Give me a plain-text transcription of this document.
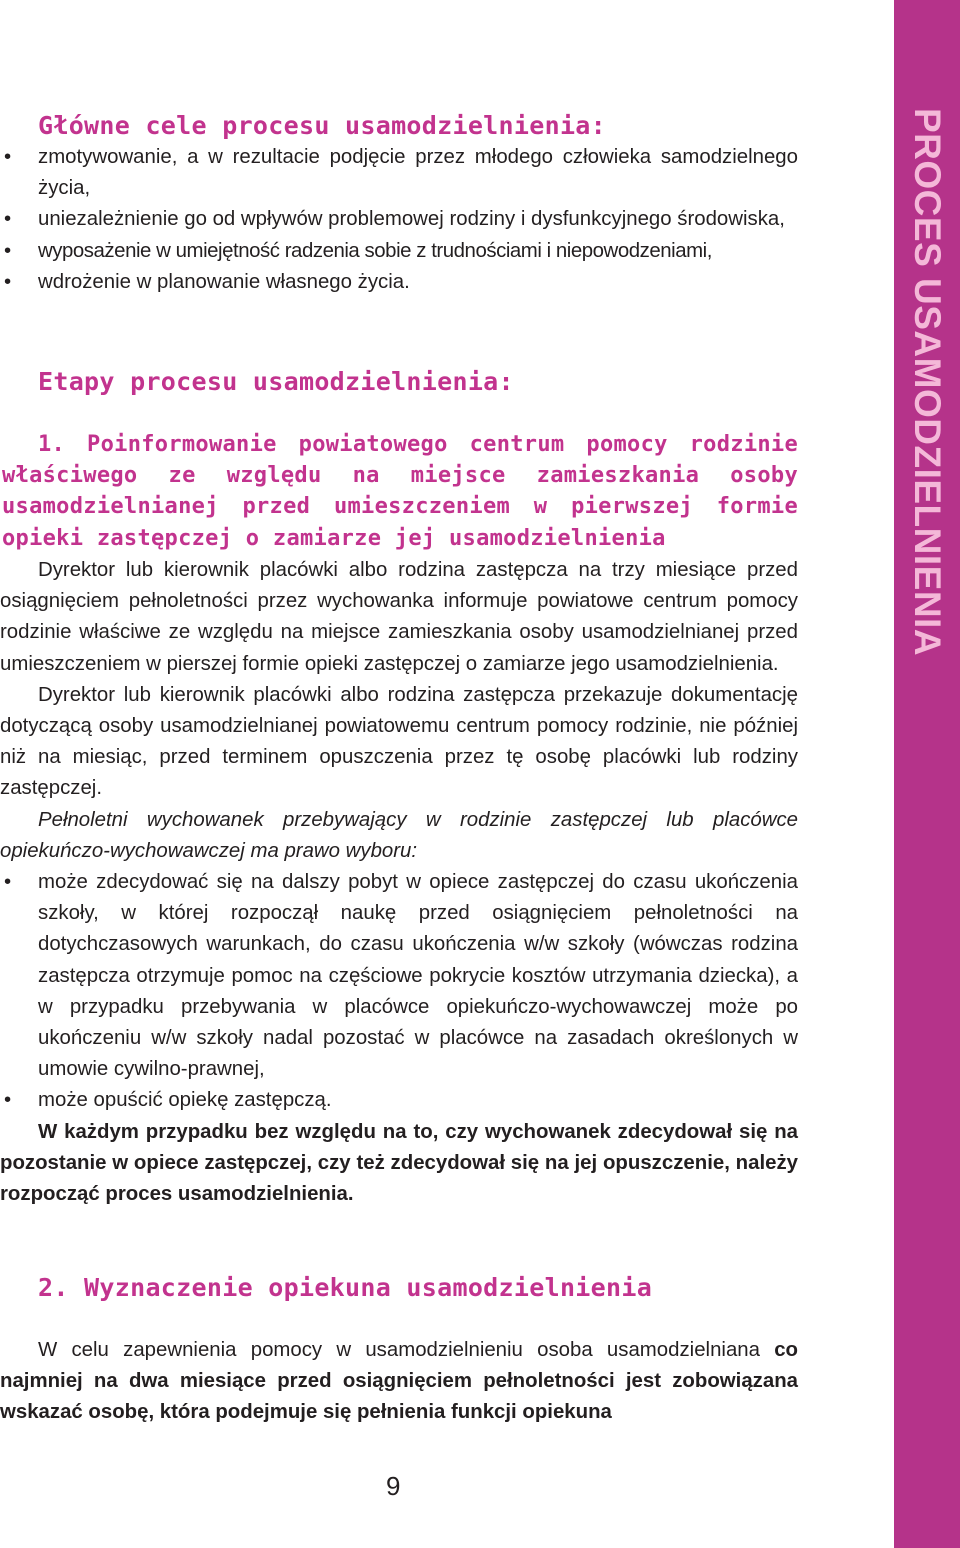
PROCES USAMODZIELNIENIA
Główne cele procesu usamodzielnienia:
• zmotywowanie, a w rezultacie podjęcie przez młodego człowieka samodzielnego życia,
• uniezależnienie go od wpływów problemowej rodziny i dysfunkcyjnego środowiska,
• wyposażenie w umiejętność radzenia sobie z trudnościami i niepowodzeniami,
• wdrożenie w planowanie własnego życia.
Etapy procesu usamodzielnienia:
1. Poinformowanie powiatowego centrum pomocy rodzinie właściwego ze względu na miejsce zamieszkania osoby usamodzielnianej przed umieszczeniem w pierwszej formie opieki zastępczej o zamiarze jej usamodzielnienia

Dyrektor lub kierownik placówki albo rodzina zastępcza na trzy miesiące przed osiągnięciem pełnoletności przez wychowanka informuje powiatowe centrum pomocy rodzinie właściwe ze względu na miejsce zamieszkania osoby usamodzielnianej przed umieszczeniem w pierszej formie opieki zastępczej o zamiarze jego usamodzielnienia.

Dyrektor lub kierownik placówki albo rodzina zastępcza przekazuje dokumentację dotyczącą osoby usamodzielnianej powiatowemu centrum pomocy rodzinie, nie później niż na miesiąc, przed terminem opuszczenia przez tę osobę placówki lub rodziny zastępczej.

Pełnoletni wychowanek przebywający w rodzinie zastępczej lub placówce opiekuńczo-wychowawczej ma prawo wyboru:

• może zdecydować się na dalszy pobyt w opiece zastępczej do czasu ukończenia szkoły, w której rozpoczął naukę przed osiągnięciem pełnoletności na dotychczasowych warunkach, do czasu ukończenia w/w szkoły (wówczas rodzina zastępcza otrzymuje pomoc na częściowe pokrycie kosztów utrzymania dziecka), a w przypadku przebywania w placówce opiekuńczo-wychowawczej może po ukończeniu w/w szkoły nadal pozostać w placówce na zasadach określonych w umowie cywilno-prawnej,
• może opuścić opiekę zastępczą.

W każdym przypadku bez względu na to, czy wychowanek zdecydował się na pozostanie w opiece zastępczej, czy też zdecydował się na jej opuszczenie, należy rozpocząć proces usamodzielnienia.

2. Wyznaczenie opiekuna usamodzielnienia

W celu zapewnienia pomocy w usamodzielnieniu osoba usamodzielniana co najmniej na dwa miesiące przed osiągnięciem pełnoletności jest zobowiązana wskazać osobę, która podejmuje się pełnienia funkcji opiekuna

9
